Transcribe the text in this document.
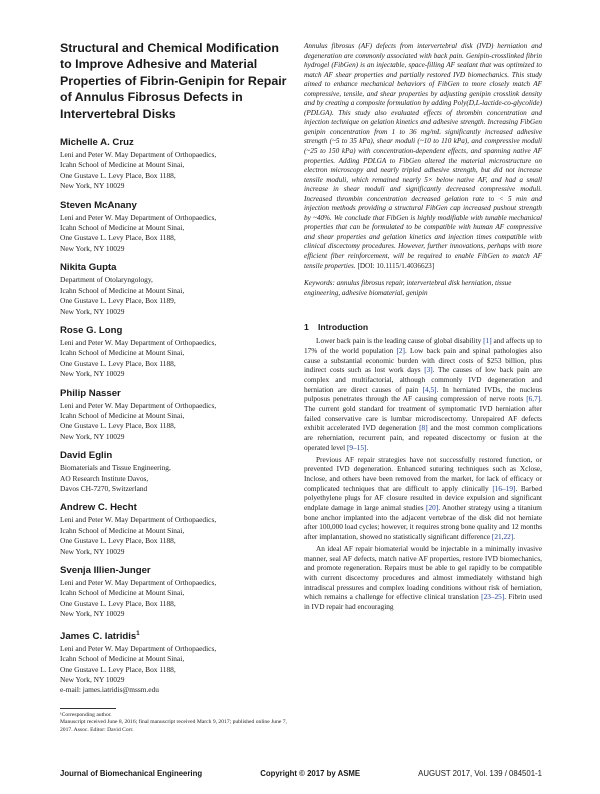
Structural and Chemical Modification to Improve Adhesive and Material Properties of Fibrin-Genipin for Repair of Annulus Fibrosus Defects in Intervertebral Disks
Michelle A. Cruz
Leni and Peter W. May Department of Orthopaedics,
Icahn School of Medicine at Mount Sinai,
One Gustave L. Levy Place, Box 1188,
New York, NY 10029
Steven McAnany
Leni and Peter W. May Department of Orthopaedics,
Icahn School of Medicine at Mount Sinai,
One Gustave L. Levy Place, Box 1188,
New York, NY 10029
Nikita Gupta
Department of Otolaryngology,
Icahn School of Medicine at Mount Sinai,
One Gustave L. Levy Place, Box 1189,
New York, NY 10029
Rose G. Long
Leni and Peter W. May Department of Orthopaedics,
Icahn School of Medicine at Mount Sinai,
One Gustave L. Levy Place, Box 1188,
New York, NY 10029
Philip Nasser
Leni and Peter W. May Department of Orthopaedics,
Icahn School of Medicine at Mount Sinai,
One Gustave L. Levy Place, Box 1188,
New York, NY 10029
David Eglin
Biomaterials and Tissue Engineering,
AO Research Institute Davos,
Davos CH-7270, Switzerland
Andrew C. Hecht
Leni and Peter W. May Department of Orthopaedics,
Icahn School of Medicine at Mount Sinai,
One Gustave L. Levy Place, Box 1188,
New York, NY 10029
Svenja Illien-Junger
Leni and Peter W. May Department of Orthopaedics,
Icahn School of Medicine at Mount Sinai,
One Gustave L. Levy Place, Box 1188,
New York, NY 10029
James C. Iatridis$^1$
Leni and Peter W. May Department of Orthopaedics,
Icahn School of Medicine at Mount Sinai,
One Gustave L. Levy Place, Box 1188,
New York, NY 10029
e-mail: james.iatridis@mssm.edu

¹Corresponding author.

Manuscript received June 8, 2016; final manuscript received March 9, 2017; published online June 7, 2017. Assoc. Editor: David Corr.

Annulus fibrosus (AF) defects from intervertebral disk (IVD) herniation and degeneration are commonly associated with back pain. Genipin-crosslinked fibrin hydrogel (FibGen) is an injectable, space-filling AF sealant that was optimized to match AF shear properties and partially restored IVD biomechanics. This study aimed to enhance mechanical behaviors of FibGen to more closely match AF compressive, tensile, and shear properties by adjusting genipin crosslink density and by creating a composite formulation by adding Poly(D,L-lactide-co-glycolide) (PDLGA). This study also evaluated effects of thrombin concentration and injection technique on gelation kinetics and adhesive strength. Increasing FibGen genipin concentration from 1 to 36 mg/mL significantly increased adhesive strength (~5 to 35 kPa), shear moduli (~10 to 110 kPa), and compressive moduli (~25 to 150 kPa) with concentration-dependent effects, and spanning native AF properties. Adding PDLGA to FibGen altered the material microstructure on electron microscopy and nearly tripled adhesive strength, but did not increase tensile moduli, which remained nearly 5× below native AF, and had a small increase in shear moduli and significantly decreased compressive moduli. Increased thrombin concentration decreased gelation rate to < 5 min and injection methods providing a structural FibGen cap increased pushout strength by ~40%. We conclude that FibGen is highly modifiable with tunable mechanical properties that can be formulated to be compatible with human AF compressive and shear properties and gelation kinetics and injection times compatible with clinical discectomy procedures. However, further innovations, perhaps with more efficient fiber reinforcement, will be required to enable FibGen to match AF tensile properties. [DOI: 10.1115/1.4036623]

Keywords: annulus fibrosus repair, intervertebral disk herniation, tissue engineering, adhesive biomaterial, genipin

1 Introduction

Lower back pain is the leading cause of global disability [1] and affects up to 17% of the world population [2]. Low back pain and spinal pathologies also cause a substantial economic burden with direct costs of $253 billion, plus indirect costs such as lost work days [3]. The causes of low back pain are complex and multifactorial, although commonly IVD degeneration and herniation are direct causes of pain [4,5]. In herniated IVDs, the nucleus pulposus penetrates through the AF causing compression of nerve roots [6,7]. The current gold standard for treatment of symptomatic IVD herniation after failed conservative care is lumbar microdiscectomy. Unrepaired AF defects exhibit accelerated IVD degeneration [8] and the most common complications are reherniation, recurrent pain, and repeated discectomy or fusion at the operated level [9–15].

Previous AF repair strategies have not successfully restored function, or prevented IVD degeneration. Enhanced suturing techniques such as Xclose, Inclose, and others have been removed from the market, for lack of efficacy or complicated techniques that are difficult to apply clinically [16–19]. Barbed polyethylene plugs for AF closure resulted in device expulsion and significant endplate damage in large animal studies [20]. Another strategy using a titanium bone anchor implanted into the adjacent vertebrae of the disk did not herniate after 100,000 load cycles; however, it requires strong bone quality and 12 months after implantation, showed no statistically significant difference [21,22].

An ideal AF repair biomaterial would be injectable in a minimally invasive manner, seal AF defects, match native AF properties, restore IVD biomechanics, and promote regeneration. Repairs must be able to gel rapidly to be compatible with current discectomy procedures and almost immediately withstand high intradiscal pressures and complex loading conditions without risk of herniation, which remains a challenge for effective clinical translation [23–25]. Fibrin used in IVD repair had encouraging

Journal of Biomechanical Engineering	Copyright © 2017 by ASME	AUGUST 2017, Vol. 139 / 084501-1
